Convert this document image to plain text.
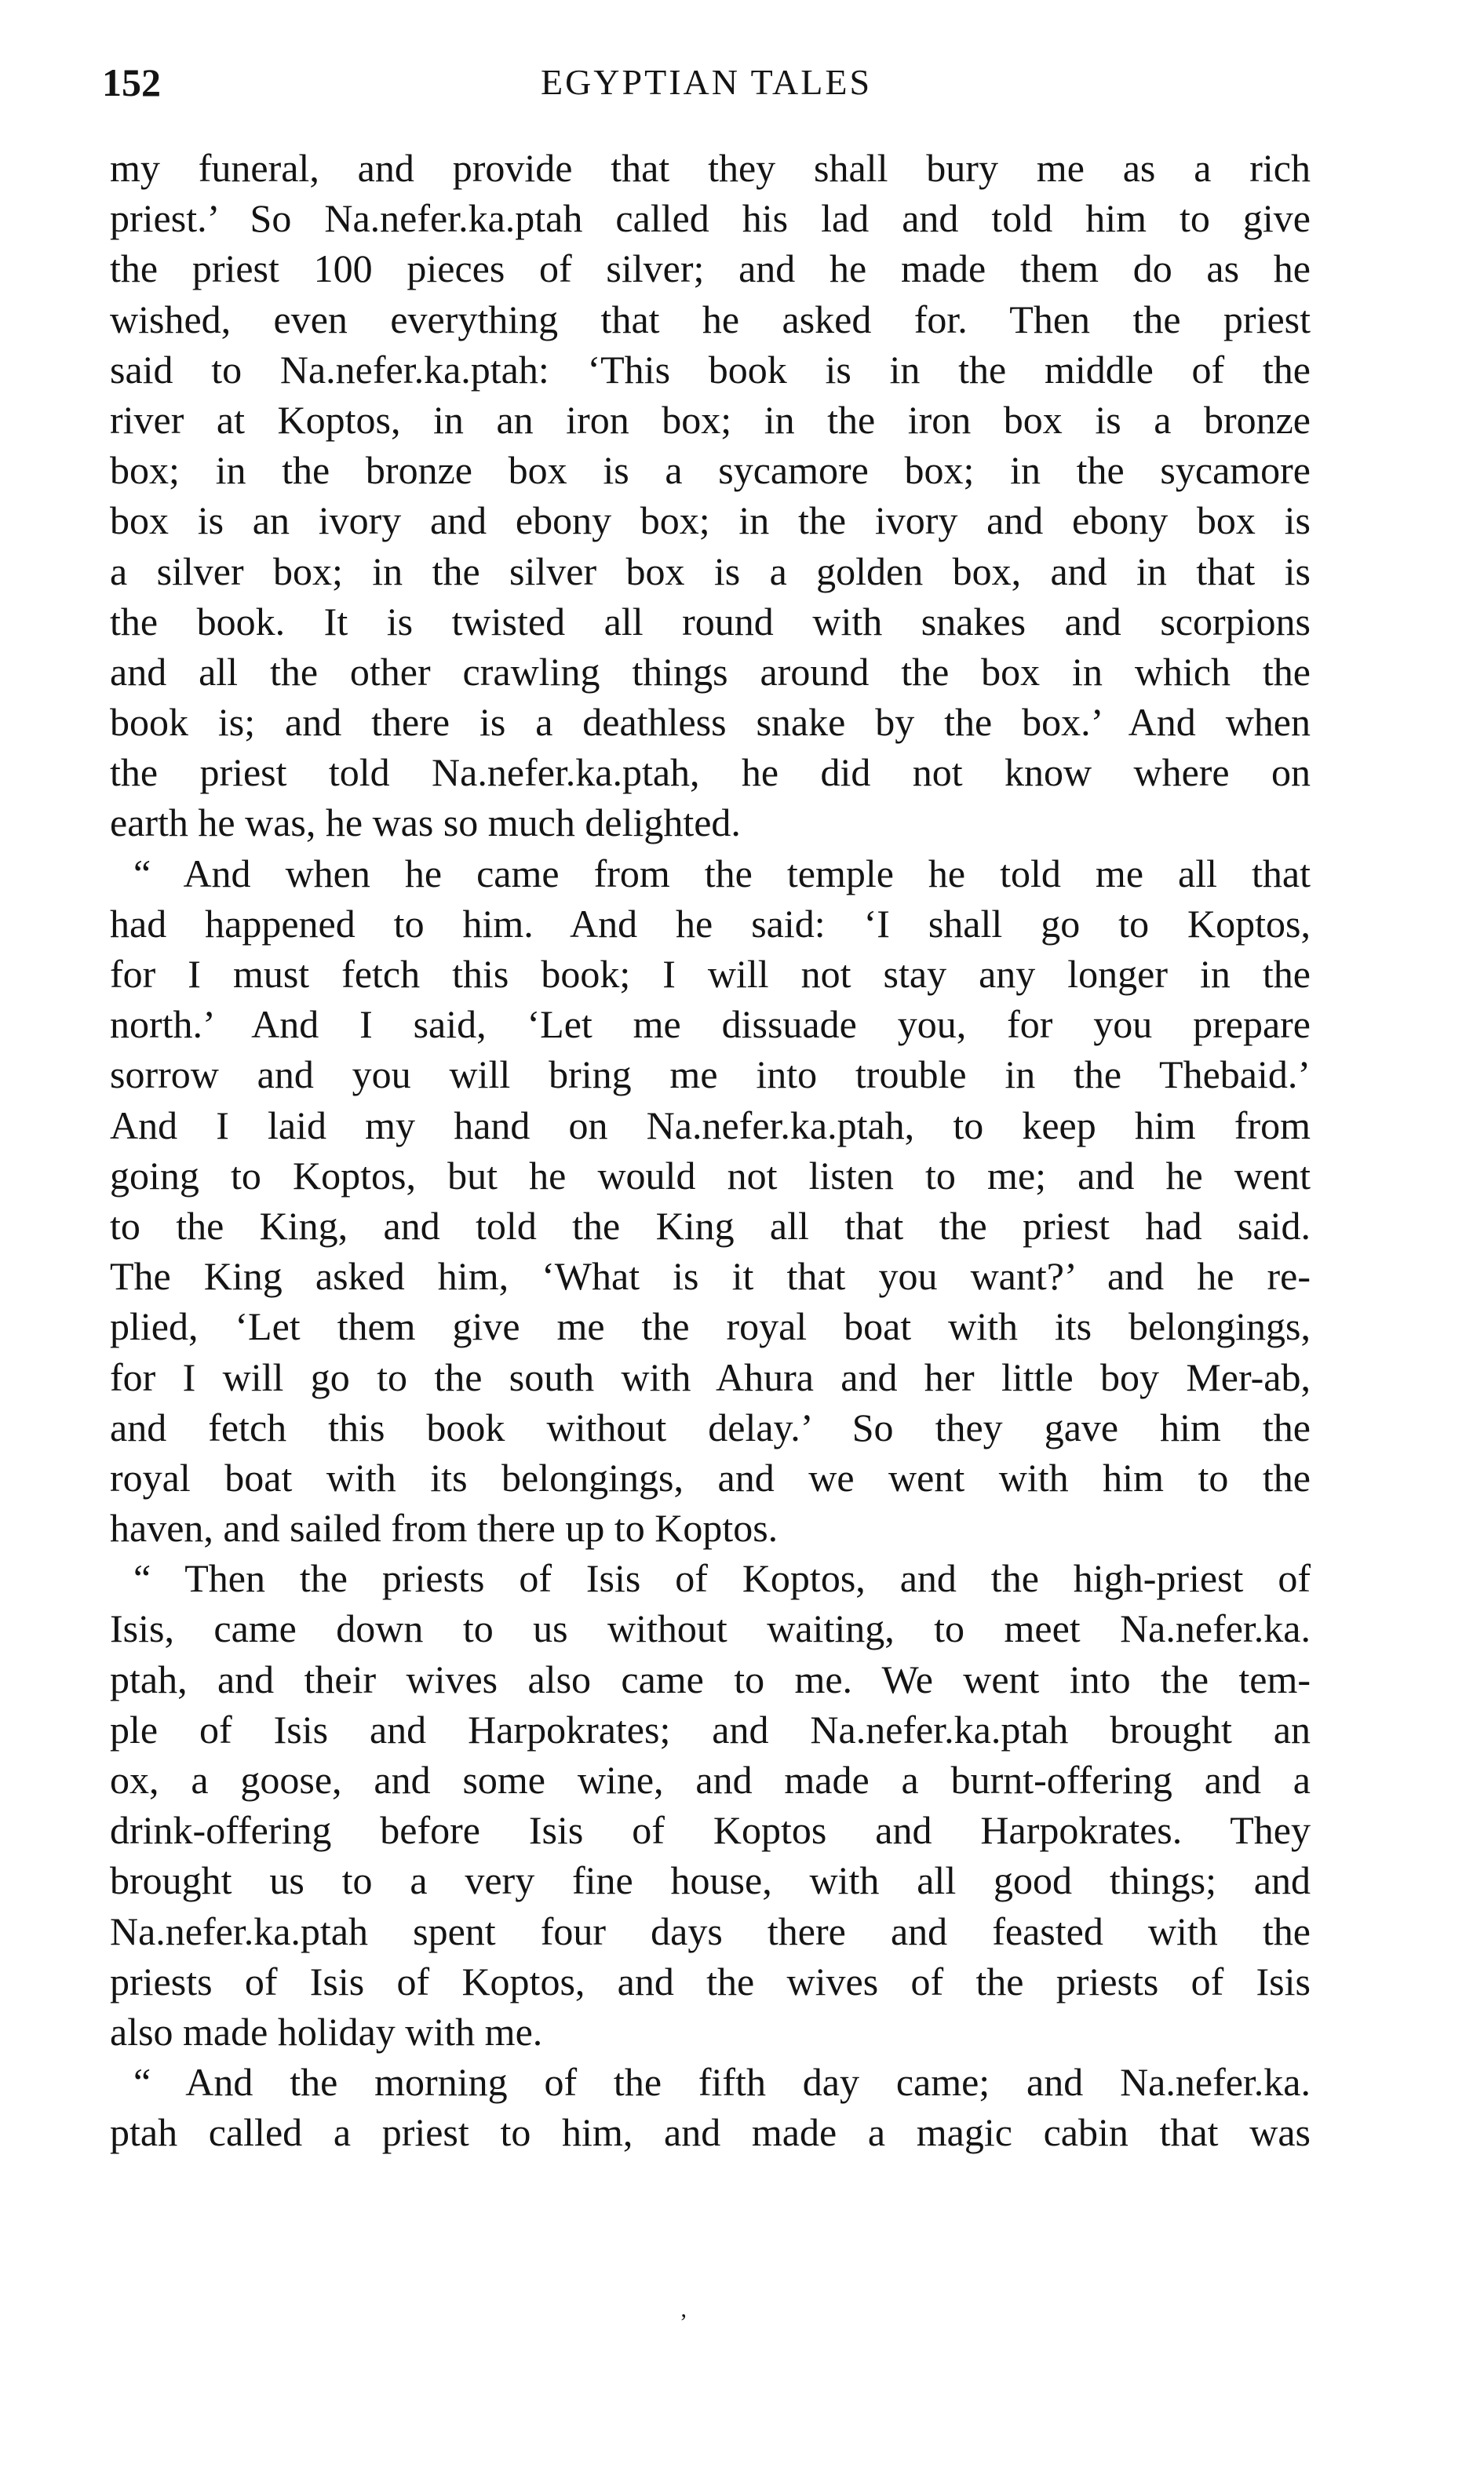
152	EGYPTIAN TALES
my funeral, and provide that they shall bury me as a rich
priest.’ So Na.nefer.ka.ptah called his lad and told him to give
the priest 100 pieces of silver; and he made them do as he
wished, even everything that he asked for. Then the priest
said to Na.nefer.ka.ptah: ‘This book is in the middle of the
river at Koptos, in an iron box; in the iron box is a bronze
box; in the bronze box is a sycamore box; in the sycamore
box is an ivory and ebony box; in the ivory and ebony box is
a silver box; in the silver box is a golden box, and in that is
the book. It is twisted all round with snakes and scorpions
and all the other crawling things around the box in which the
book is; and there is a deathless snake by the box.’ And when
the priest told Na.nefer.ka.ptah, he did not know where on
earth he was, he was so much delighted.
“ And when he came from the temple he told me all that
had happened to him. And he said: ‘I shall go to Koptos,
for I must fetch this book; I will not stay any longer in the
north.’ And I said, ‘Let me dissuade you, for you prepare
sorrow and you will bring me into trouble in the Thebaid.’
And I laid my hand on Na.nefer.ka.ptah, to keep him from
going to Koptos, but he would not listen to me; and he went
to the King, and told the King all that the priest had said.
The King asked him, ‘What is it that you want?’ and he re-
plied, ‘Let them give me the royal boat with its belongings,
for I will go to the south with Ahura and her little boy Mer-ab,
and fetch this book without delay.’ So they gave him the
royal boat with its belongings, and we went with him to the
haven, and sailed from there up to Koptos.
“ Then the priests of Isis of Koptos, and the high-priest of
Isis, came down to us without waiting, to meet Na.nefer.ka.
ptah, and their wives also came to me. We went into the tem-
ple of Isis and Harpokrates; and Na.nefer.ka.ptah brought an
ox, a goose, and some wine, and made a burnt-offering and a
drink-offering before Isis of Koptos and Harpokrates. They
brought us to a very fine house, with all good things; and
Na.nefer.ka.ptah spent four days there and feasted with the
priests of Isis of Koptos, and the wives of the priests of Isis
also made holiday with me.
“ And the morning of the fifth day came; and Na.nefer.ka.
ptah called a priest to him, and made a magic cabin that was
ʼ
